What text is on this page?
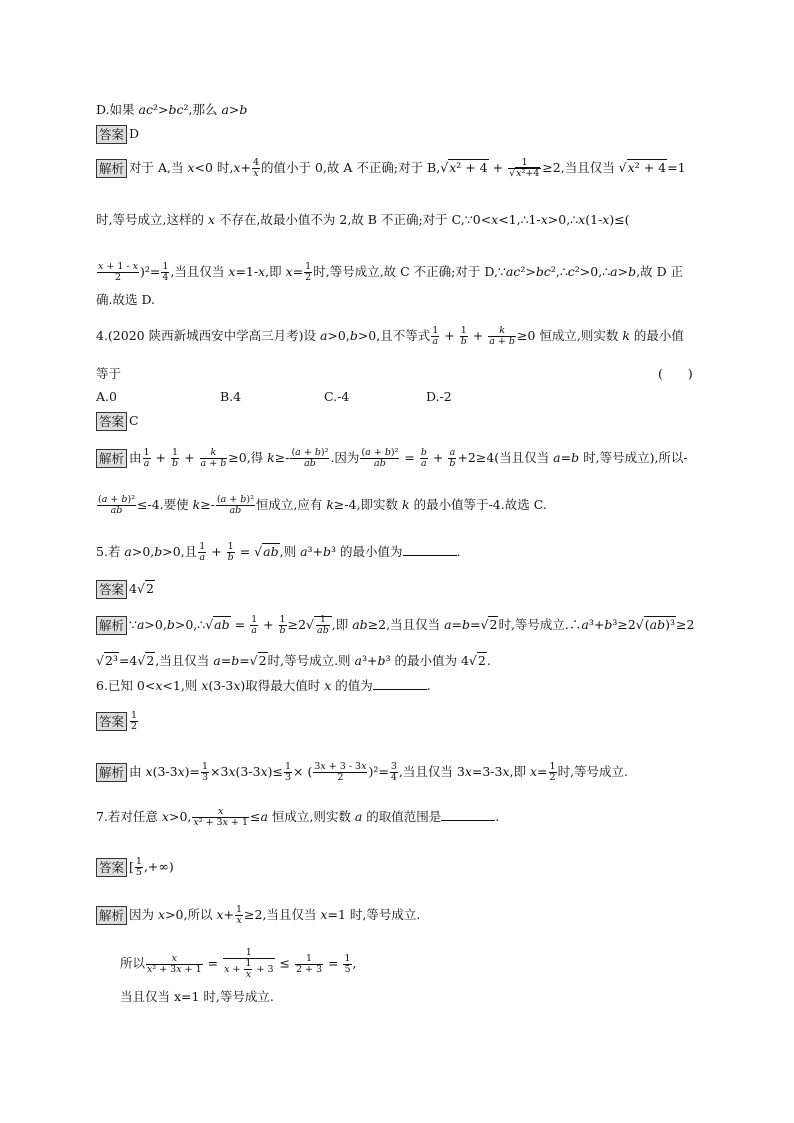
D.如果 ac²>bc²,那么 a>b
答案 D
解析 对于 A,当 x<0 时$,x+ \frac{4}{x}$ 的值小于 0,故 A 不正确;对于 $B,√x^2 + 4 + \frac{1}{\text{√x²+4}} \ge 2$,当且仅当 √x² + 4=1
时,等号成立,这样的 x 不存在,故最小值不为 2,故 B 不正确;对于 C,∵0<x<1,∴1-x>0,∴x(1-x)≤(
$\frac{x + 1 - x}{2} )^2= \frac{1}{4}$ ,当且仅当 x=1-x,即 $x= \frac{1}{2}$ 时,等号成立,故 C 不正确;对于 D,∵ac²>bc²,∴c²>0,∴a>b,故 D 正
确.故选 D.
4.(2020 陕西新城西安中学高三月考)设 a>0,b>0,且不等式 $\frac{1}{a} + \frac{1}{b} + \frac{k}{a + b} \ge 0$ 恒成立,则实数 k 的最小值
等于	(　　)
A.0	B.4	C.-4	D.-2
答案 C
解析 由 $\frac{1}{a} + \frac{1}{b} + \frac{k}{a + b} \ge 0$,得 $k\ge- \frac{\text{(a + b)²}}{ab}$ .因为 $\frac{\text{(a + b)²}}{ab} = \frac{b}{a} + \frac{a}{b} +2\ge 4$(当且仅当 a=b 时,等号成立),所以-
$\frac{\text{(a + b)²}}{ab} \le-4$.要使 $k\ge- \frac{\text{(a + b)²}}{ab}$ 恒成立,应有 k≥-4,即实数 k 的最小值等于-4.故选 C.
5.若 a>0,b>0,且 $\frac{1}{a} + \frac{1}{b} = √ab$,则 a³+b³ 的最小值为	.
答案 4√2
解析 ∵a>0,b>0,∴√ab = $\frac{1}{a} + \frac{1}{b} \ge 2√ \frac{1}{ab}$ ,即 ab≥2,当且仅当 a=b=√2时,等号成立.∴a³+b³≥2√(ab)³≥2
√2³=4√2,当且仅当 a=b=√2时,等号成立.则 a³+b³ 的最小值为 4√2.
6.已知 0<x<1,则 x(3-3x)取得最大值时 x 的值为	.
答案 $\frac{1}{2}$
解析 由 $x(3-3x)= \frac{1}{3} \times 3x(3-3x)\le \frac{1}{3}$ × ( $\frac{3x + 3 - 3x}{2} )^2= \frac{3}{4}$ ,当且仅当 3x=3-3x,即 $x= \frac{1}{2}$ 时,等号成立.
7.若对任意 x>0, $\frac{x}{\text{x² + 3x + 1}} \le a$ 恒成立,则实数 a 的取值范围是	.
答案 [ $\frac{1}{5}$ ,+∞)
解析 因为 x>0,所以 $x+ \frac{1}{x} \ge 2$,当且仅当 x=1 时,等号成立.
所以 $\frac{x}{\text{x² + 3x + 1}} = \frac{1}{x + \frac{1}{x} + 3} \le \frac{1}{2 + 3} = \frac{1}{5}$ ,
当且仅当 x=1 时,等号成立.
